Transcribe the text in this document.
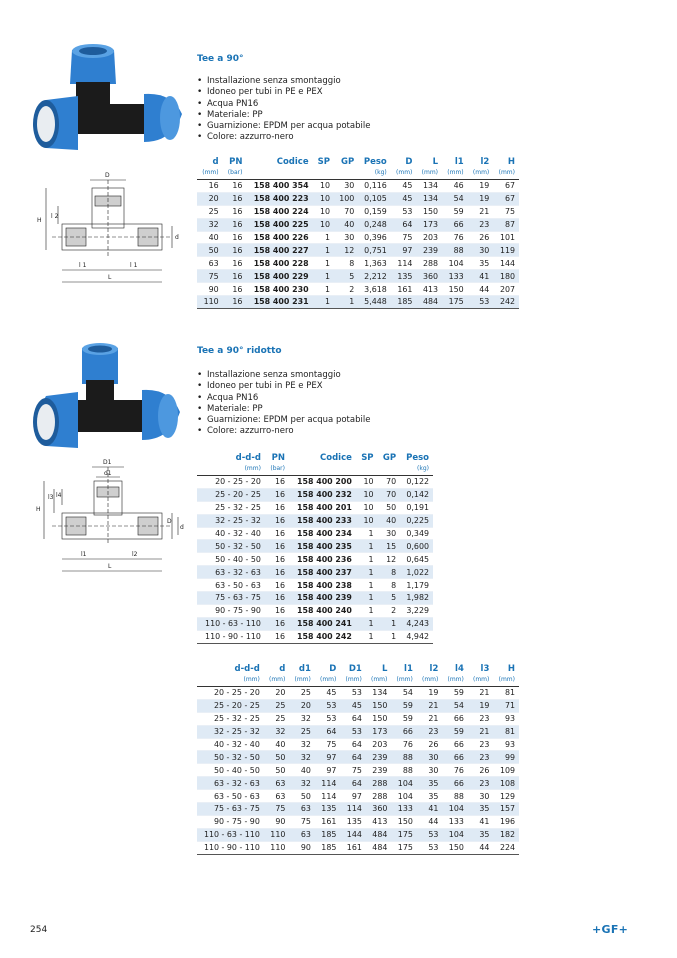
D
H
l 2
d
l 1	l 1
L
Tee a 90°
• Installazione senza smontaggio
• Idoneo per tubi in PE e PEX
• Acqua PN16
• Materiale: PP
• Guarnizione: EPDM per acqua potabile
• Colore: azzurro-nero
d	PN	Codice	SP	GP	Peso	D	L	l1	l2	H
(mm)	(bar)				(kg)	(mm)	(mm)	(mm)	(mm)	(mm)
16	16	158 400 354	10	30	0,116	45	134	46	19	67
20	16	158 400 223	10	100	0,105	45	134	54	19	67
25	16	158 400 224	10	70	0,159	53	150	59	21	75
32	16	158 400 225	10	40	0,248	64	173	66	23	87
40	16	158 400 226	1	30	0,396	75	203	76	26	101
50	16	158 400 227	1	12	0,751	97	239	88	30	119
63	16	158 400 228	1	8	1,363	114	288	104	35	144
75	16	158 400 229	1	5	2,212	135	360	133	41	180
90	16	158 400 230	1	2	3,618	161	413	150	44	207
110	16	158 400 231	1	1	5,448	185	484	175	53	242
D1
d1
H
l3 l4
D
d
l1	l2
L
Tee a 90° ridotto
• Installazione senza smontaggio
• Idoneo per tubi in PE e PEX
• Acqua PN16
• Materiale: PP
• Guarnizione: EPDM per acqua potabile
• Colore: azzurro-nero
d-d-d	PN	Codice	SP	GP	Peso
(mm)	(bar)				(kg)
20 - 25 - 20	16	158 400 200	10	70	0,122
25 - 20 - 25	16	158 400 232	10	70	0,142
25 - 32 - 25	16	158 400 201	10	50	0,191
32 - 25 - 32	16	158 400 233	10	40	0,225
40 - 32 - 40	16	158 400 234	1	30	0,349
50 - 32 - 50	16	158 400 235	1	15	0,600
50 - 40 - 50	16	158 400 236	1	12	0,645
63 - 32 - 63	16	158 400 237	1	8	1,022
63 - 50 - 63	16	158 400 238	1	8	1,179
75 - 63 - 75	16	158 400 239	1	5	1,982
90 - 75 - 90	16	158 400 240	1	2	3,229
110 - 63 - 110	16	158 400 241	1	1	4,243
110 - 90 - 110	16	158 400 242	1	1	4,942
d-d-d	d	d1	D	D1	L	l1	l2	l4	l3	H
(mm)	(mm)	(mm)	(mm)	(mm)	(mm)	(mm)	(mm)	(mm)	(mm)	(mm)
20 - 25 - 20	20	25	45	53	134	54	19	59	21	81
25 - 20 - 25	25	20	53	45	150	59	21	54	19	71
25 - 32 - 25	25	32	53	64	150	59	21	66	23	93
32 - 25 - 32	32	25	64	53	173	66	23	59	21	81
40 - 32 - 40	40	32	75	64	203	76	26	66	23	93
50 - 32 - 50	50	32	97	64	239	88	30	66	23	99
50 - 40 - 50	50	40	97	75	239	88	30	76	26	109
63 - 32 - 63	63	32	114	64	288	104	35	66	23	108
63 - 50 - 63	63	50	114	97	288	104	35	88	30	129
75 - 63 - 75	75	63	135	114	360	133	41	104	35	157
90 - 75 - 90	90	75	161	135	413	150	44	133	41	196
110 - 63 - 110	110	63	185	144	484	175	53	104	35	182
110 - 90 - 110	110	90	185	161	484	175	53	150	44	224
254	+GF+
